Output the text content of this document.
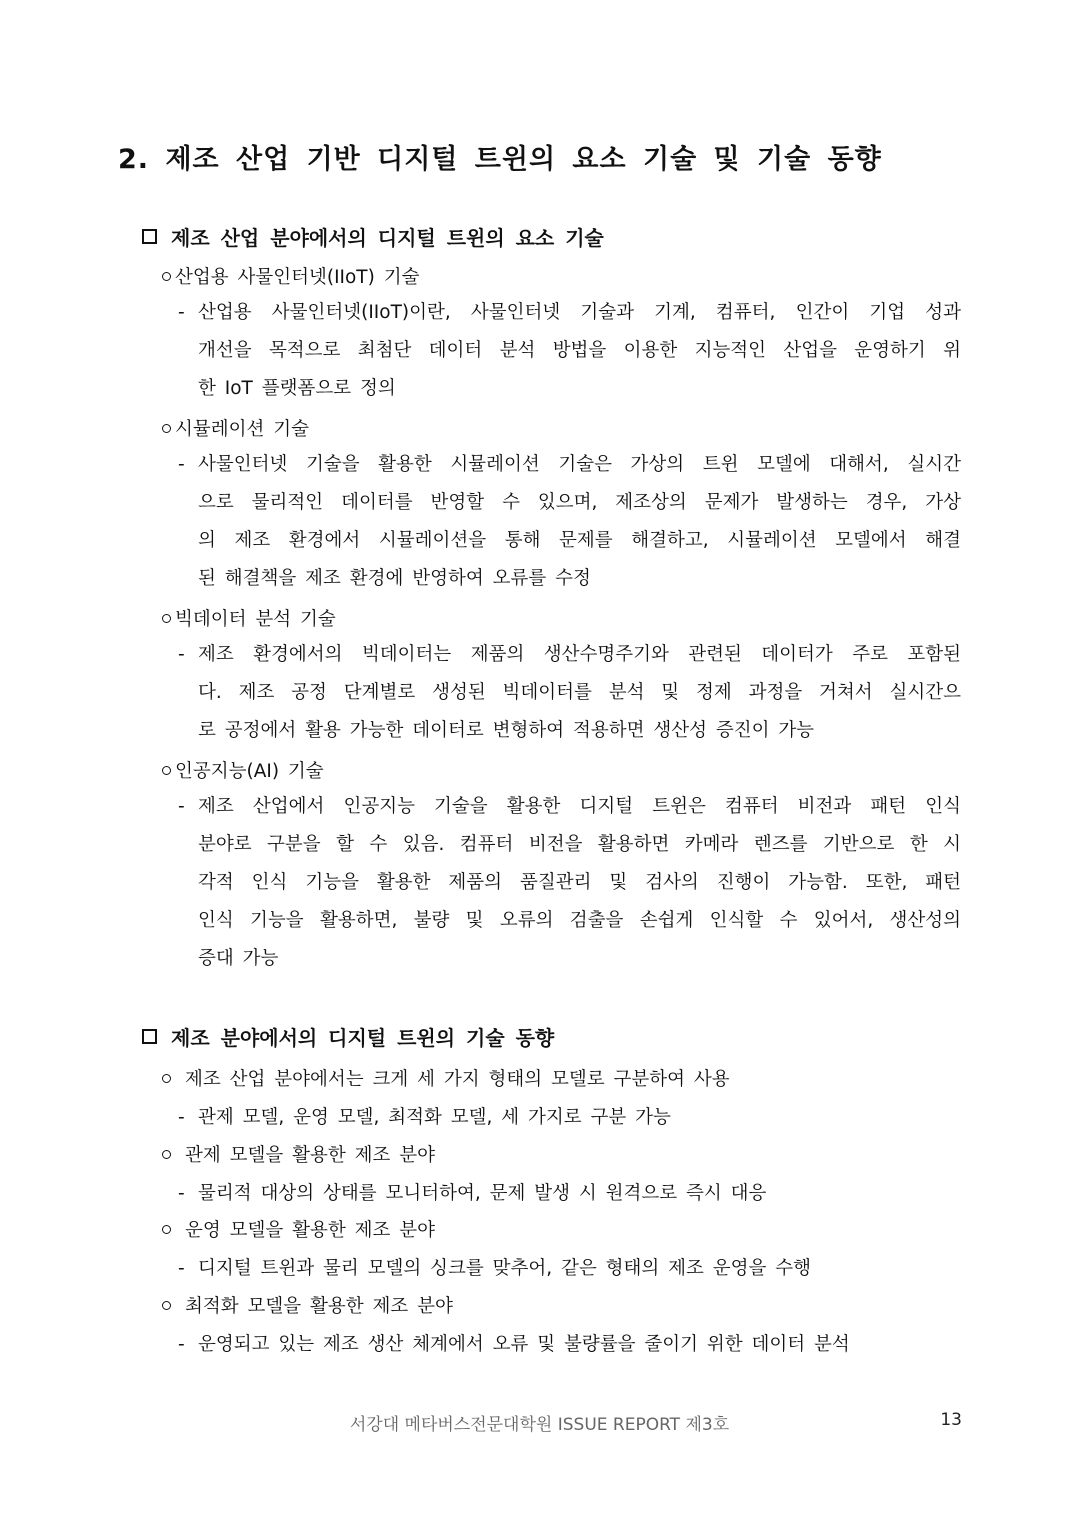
2. 제조 산업 기반 디지털 트윈의 요소 기술 및 기술 동향
제조 산업 분야에서의 디지털 트윈의 요소 기술
산업용 사물인터넷(IIoT) 기술
- 산업용 사물인터넷(IIoT)이란, 사물인터넷 기술과 기계, 컴퓨터, 인간이 기업 성과
개선을 목적으로 최첨단 데이터 분석 방법을 이용한 지능적인 산업을 운영하기 위
한 IoT 플랫폼으로 정의
시뮬레이션 기술
- 사물인터넷 기술을 활용한 시뮬레이션 기술은 가상의 트윈 모델에 대해서, 실시간
으로 물리적인 데이터를 반영할 수 있으며, 제조상의 문제가 발생하는 경우, 가상
의 제조 환경에서 시뮬레이션을 통해 문제를 해결하고, 시뮬레이션 모델에서 해결
된 해결책을 제조 환경에 반영하여 오류를 수정
빅데이터 분석 기술
- 제조 환경에서의 빅데이터는 제품의 생산수명주기와 관련된 데이터가 주로 포함된
다. 제조 공정 단계별로 생성된 빅데이터를 분석 및 정제 과정을 거쳐서 실시간으
로 공정에서 활용 가능한 데이터로 변형하여 적용하면 생산성 증진이 가능
인공지능(AI) 기술
- 제조 산업에서 인공지능 기술을 활용한 디지털 트윈은 컴퓨터 비전과 패턴 인식
분야로 구분을 할 수 있음. 컴퓨터 비전을 활용하면 카메라 렌즈를 기반으로 한 시
각적 인식 기능을 활용한 제품의 품질관리 및 검사의 진행이 가능함. 또한, 패턴
인식 기능을 활용하면, 불량 및 오류의 검출을 손쉽게 인식할 수 있어서, 생산성의
증대 가능
제조 분야에서의 디지털 트윈의 기술 동향
제조 산업 분야에서는 크게 세 가지 형태의 모델로 구분하여 사용
- 관제 모델, 운영 모델, 최적화 모델, 세 가지로 구분 가능
관제 모델을 활용한 제조 분야
- 물리적 대상의 상태를 모니터하여, 문제 발생 시 원격으로 즉시 대응
운영 모델을 활용한 제조 분야
- 디지털 트윈과 물리 모델의 싱크를 맞추어, 같은 형태의 제조 운영을 수행
최적화 모델을 활용한 제조 분야
- 운영되고 있는 제조 생산 체계에서 오류 및 불량률을 줄이기 위한 데이터 분석
서강대 메타버스전문대학원 ISSUE REPORT 제3호	13
